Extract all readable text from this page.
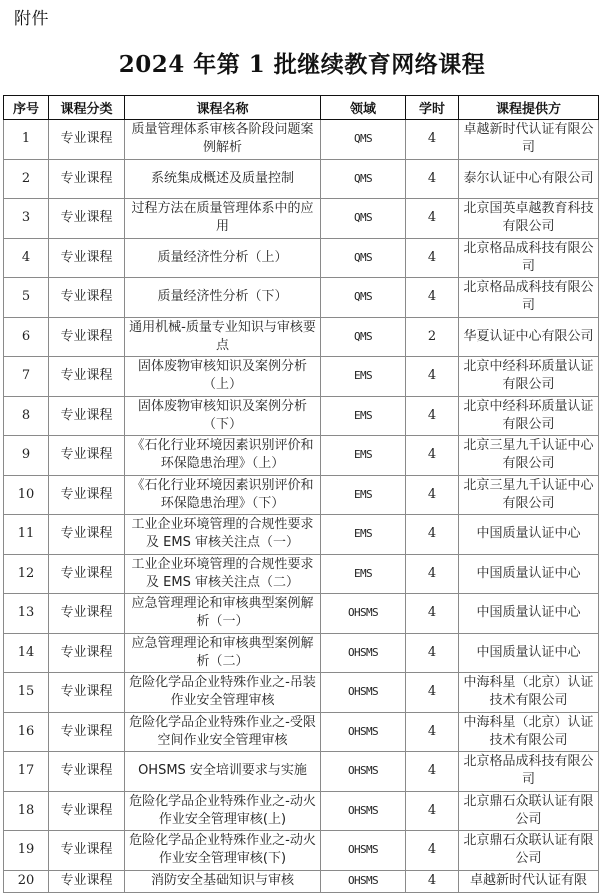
附件
2024 年第 1 批继续教育网络课程
序号	课程分类	课程名称	领域	学时	课程提供方
1	专业课程	质量管理体系审核各阶段问题案例解析	QMS	4	卓越新时代认证有限公司
2	专业课程	系统集成概述及质量控制	QMS	4	泰尔认证中心有限公司
3	专业课程	过程方法在质量管理体系中的应用	QMS	4	北京国英卓越教育科技有限公司
4	专业课程	质量经济性分析（上）	QMS	4	北京格品成科技有限公司
5	专业课程	质量经济性分析（下）	QMS	4	北京格品成科技有限公司
6	专业课程	通用机械-质量专业知识与审核要点	QMS	2	华夏认证中心有限公司
7	专业课程	固体废物审核知识及案例分析（上）	EMS	4	北京中经科环质量认证有限公司
8	专业课程	固体废物审核知识及案例分析（下）	EMS	4	北京中经科环质量认证有限公司
9	专业课程	《石化行业环境因素识别评价和环保隐患治理》（上）	EMS	4	北京三星九千认证中心有限公司
10	专业课程	《石化行业环境因素识别评价和环保隐患治理》（下）	EMS	4	北京三星九千认证中心有限公司
11	专业课程	工业企业环境管理的合规性要求及 EMS 审核关注点（一）	EMS	4	中国质量认证中心
12	专业课程	工业企业环境管理的合规性要求及 EMS 审核关注点（二）	EMS	4	中国质量认证中心
13	专业课程	应急管理理论和审核典型案例解析（一）	OHSMS	4	中国质量认证中心
14	专业课程	应急管理理论和审核典型案例解析（二）	OHSMS	4	中国质量认证中心
15	专业课程	危险化学品企业特殊作业之-吊装作业安全管理审核	OHSMS	4	中海科星（北京）认证技术有限公司
16	专业课程	危险化学品企业特殊作业之-受限空间作业安全管理审核	OHSMS	4	中海科星（北京）认证技术有限公司
17	专业课程	OHSMS 安全培训要求与实施	OHSMS	4	北京格品成科技有限公司
18	专业课程	危险化学品企业特殊作业之-动火作业安全管理审核(上)	OHSMS	4	北京鼎石众联认证有限公司
19	专业课程	危险化学品企业特殊作业之-动火作业安全管理审核(下)	OHSMS	4	北京鼎石众联认证有限公司
20	专业课程	消防安全基础知识与审核	OHSMS	4	卓越新时代认证有限
